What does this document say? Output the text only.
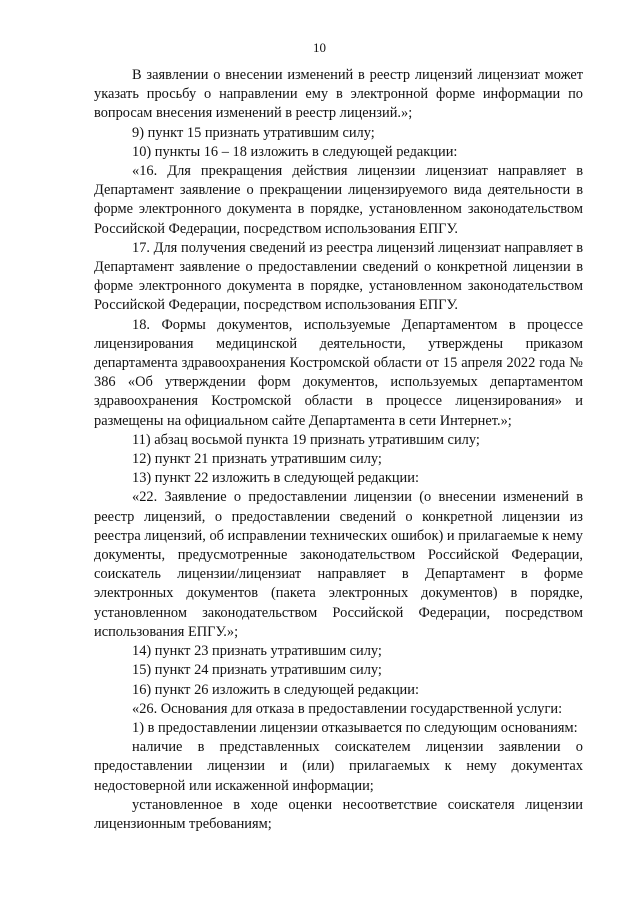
10

В заявлении о внесении изменений в реестр лицензий лицензиат может указать просьбу о направлении ему в электронной форме информации по вопросам внесения изменений в реестр лицензий.»;

9) пункт 15 признать утратившим силу;

10) пункты 16 – 18 изложить в следующей редакции:

«16. Для прекращения действия лицензии лицензиат направляет в Департамент заявление о прекращении лицензируемого вида деятельности в форме электронного документа в порядке, установленном законодательством Российской Федерации, посредством использования ЕПГУ.

17. Для получения сведений из реестра лицензий лицензиат направляет в Департамент заявление о предоставлении сведений о конкретной лицензии в форме электронного документа в порядке, установленном законодательством Российской Федерации, посредством использования ЕПГУ.

18. Формы документов, используемые Департаментом в процессе лицензирования медицинской деятельности, утверждены приказом департамента здравоохранения Костромской области от 15 апреля 2022 года № 386 «Об утверждении форм документов, используемых департаментом здравоохранения Костромской области в процессе лицензирования» и размещены на официальном сайте Департамента в сети Интернет.»;

11) абзац восьмой пункта 19 признать утратившим силу;

12) пункт 21 признать утратившим силу;

13) пункт 22 изложить в следующей редакции:

«22. Заявление о предоставлении лицензии (о внесении изменений в реестр лицензий, о предоставлении сведений о конкретной лицензии из реестра лицензий, об исправлении технических ошибок) и прилагаемые к нему документы, предусмотренные законодательством Российской Федерации, соискатель лицензии/лицензиат направляет в Департамент в форме электронных документов (пакета электронных документов) в порядке, установленном законодательством Российской Федерации, посредством использования ЕПГУ.»;

14) пункт 23 признать утратившим силу;

15) пункт 24 признать утратившим силу;

16) пункт 26 изложить в следующей редакции:

«26. Основания для отказа в предоставлении государственной услуги:

1) в предоставлении лицензии отказывается по следующим основаниям:

наличие в представленных соискателем лицензии заявлении о предоставлении лицензии и (или) прилагаемых к нему документах недостоверной или искаженной информации;

установленное в ходе оценки несоответствие соискателя лицензии лицензионным требованиям;
